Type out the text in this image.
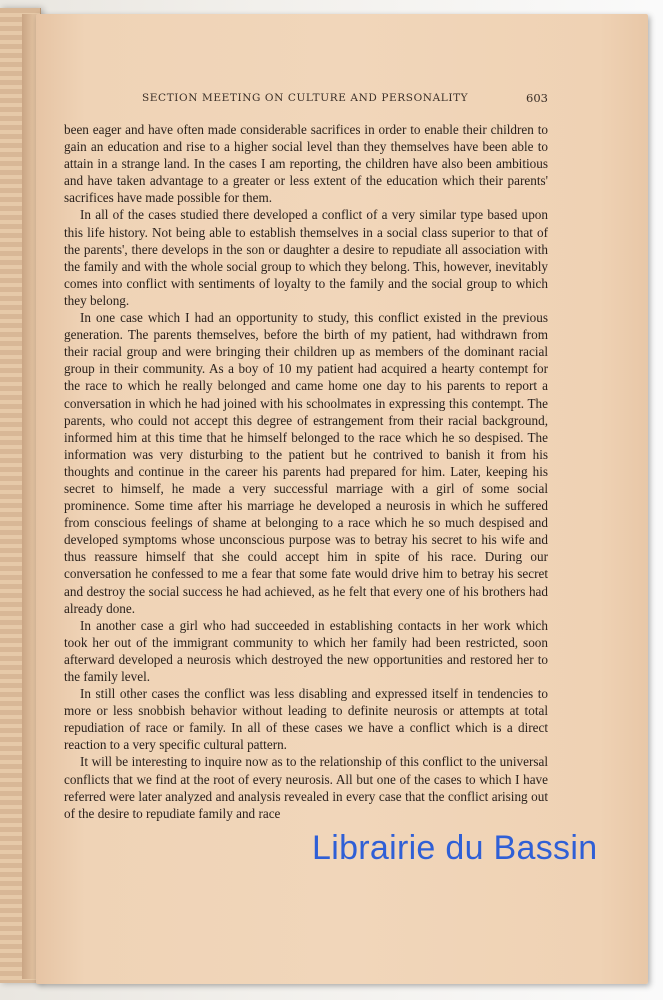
SECTION MEETING ON CULTURE AND PERSONALITY	603

been eager and have often made considerable sacrifices in order to enable their children to gain an education and rise to a higher social level than they themselves have been able to attain in a strange land. In the cases I am reporting, the children have also been ambitious and have taken advantage to a greater or less extent of the education which their parents' sacrifices have made possible for them.

In all of the cases studied there developed a conflict of a very similar type based upon this life history. Not being able to establish themselves in a social class superior to that of the parents', there develops in the son or daughter a desire to repudiate all association with the family and with the whole social group to which they belong. This, however, inevitably comes into conflict with sentiments of loyalty to the family and the social group to which they belong.

In one case which I had an opportunity to study, this conflict existed in the previous generation. The parents themselves, before the birth of my patient, had withdrawn from their racial group and were bringing their children up as members of the dominant racial group in their community. As a boy of 10 my patient had acquired a hearty contempt for the race to which he really belonged and came home one day to his parents to report a conversation in which he had joined with his schoolmates in expressing this contempt. The parents, who could not accept this degree of estrangement from their racial background, informed him at this time that he himself belonged to the race which he so despised. The information was very disturbing to the patient but he contrived to banish it from his thoughts and continue in the career his parents had prepared for him. Later, keeping his secret to himself, he made a very successful marriage with a girl of some social prominence. Some time after his marriage he developed a neurosis in which he suffered from conscious feelings of shame at belonging to a race which he so much despised and developed symptoms whose unconscious purpose was to betray his secret to his wife and thus reassure himself that she could accept him in spite of his race. During our conversation he confessed to me a fear that some fate would drive him to betray his secret and destroy the social success he had achieved, as he felt that every one of his brothers had already done.

In another case a girl who had succeeded in establishing contacts in her work which took her out of the immigrant community to which her family had been restricted, soon afterward developed a neurosis which destroyed the new opportunities and restored her to the family level.

In still other cases the conflict was less disabling and expressed itself in tendencies to more or less snobbish behavior without leading to definite neurosis or attempts at total repudiation of race or family. In all of these cases we have a conflict which is a direct reaction to a very specific cultural pattern.

It will be interesting to inquire now as to the relationship of this conflict to the universal conflicts that we find at the root of every neurosis. All but one of the cases to which I have referred were later analyzed and analysis revealed in every case that the conflict arising out of the desire to repudiate family and race

Librairie du Bassin
